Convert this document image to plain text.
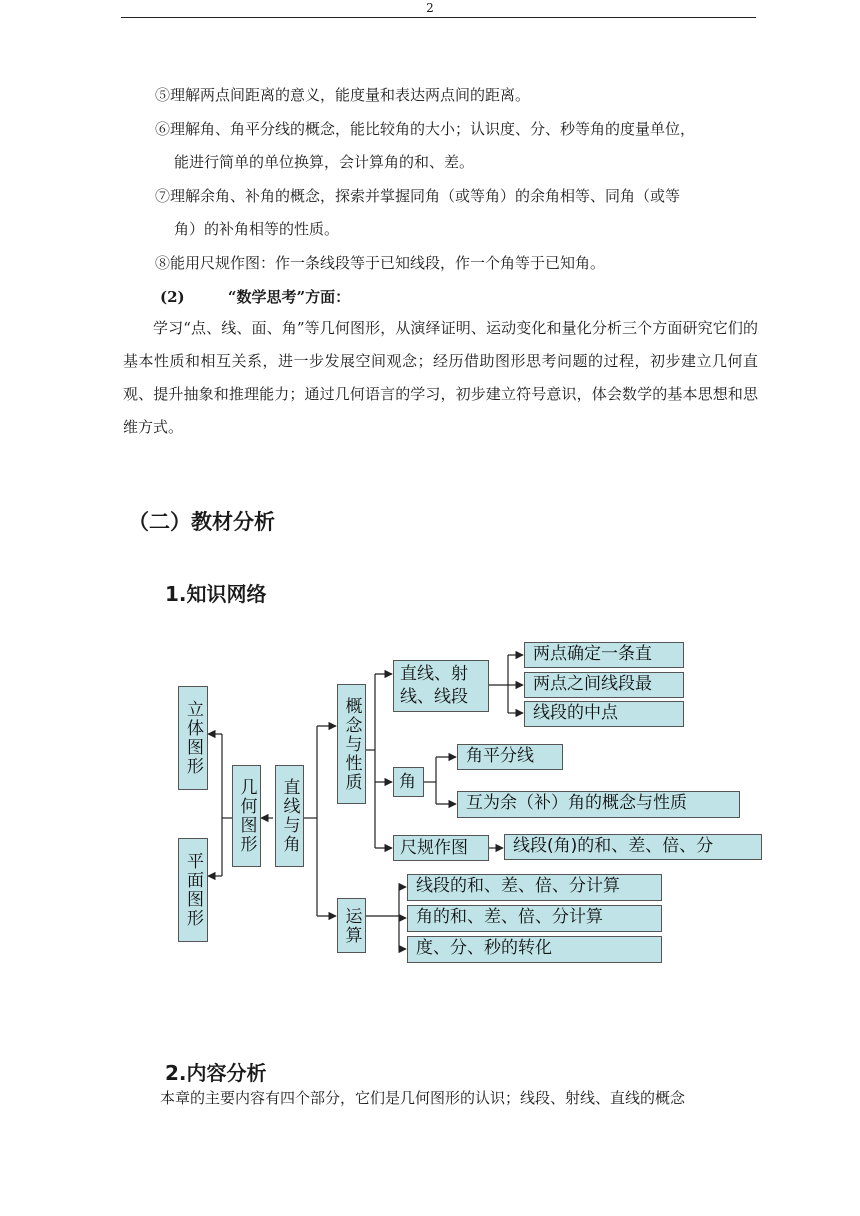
2
⑤理解两点间距离的意义，能度量和表达两点间的距离。
⑥理解角、角平分线的概念，能比较角的大小；认识度、分、秒等角的度量单位，
能进行简单的单位换算，会计算角的和、差。
⑦理解余角、补角的概念，探索并掌握同角（或等角）的余角相等、同角（或等
角）的补角相等的性质。
⑧能用尺规作图：作一条线段等于已知线段，作一个角等于已知角。
(2)	“数学思考”方面：
学习“点、线、面、角”等几何图形，从演绎证明、运动变化和量化分析三个方面研究它们的基本性质和相互关系，进一步发展空间观念；经历借助图形思考问题的过程，初步建立几何直观、提升抽象和推理能力；通过几何语言的学习，初步建立符号意识，体会数学的基本思想和思维方式。
（二）教材分析
1.知识网络
立体图形
平面图形
几何图形 直线与角
概念与性质
运算
直线、射线、线段
角
尺规作图
两点确定一条直
两点之间线段最
线段的中点
角平分线
互为余（补）角的概念与性质
线段(角)的和、差、倍、分
线段的和、差、倍、分计算
角的和、差、倍、分计算
度、分、秒的转化
2.内容分析
本章的主要内容有四个部分，它们是几何图形的认识；线段、射线、直线的概念
